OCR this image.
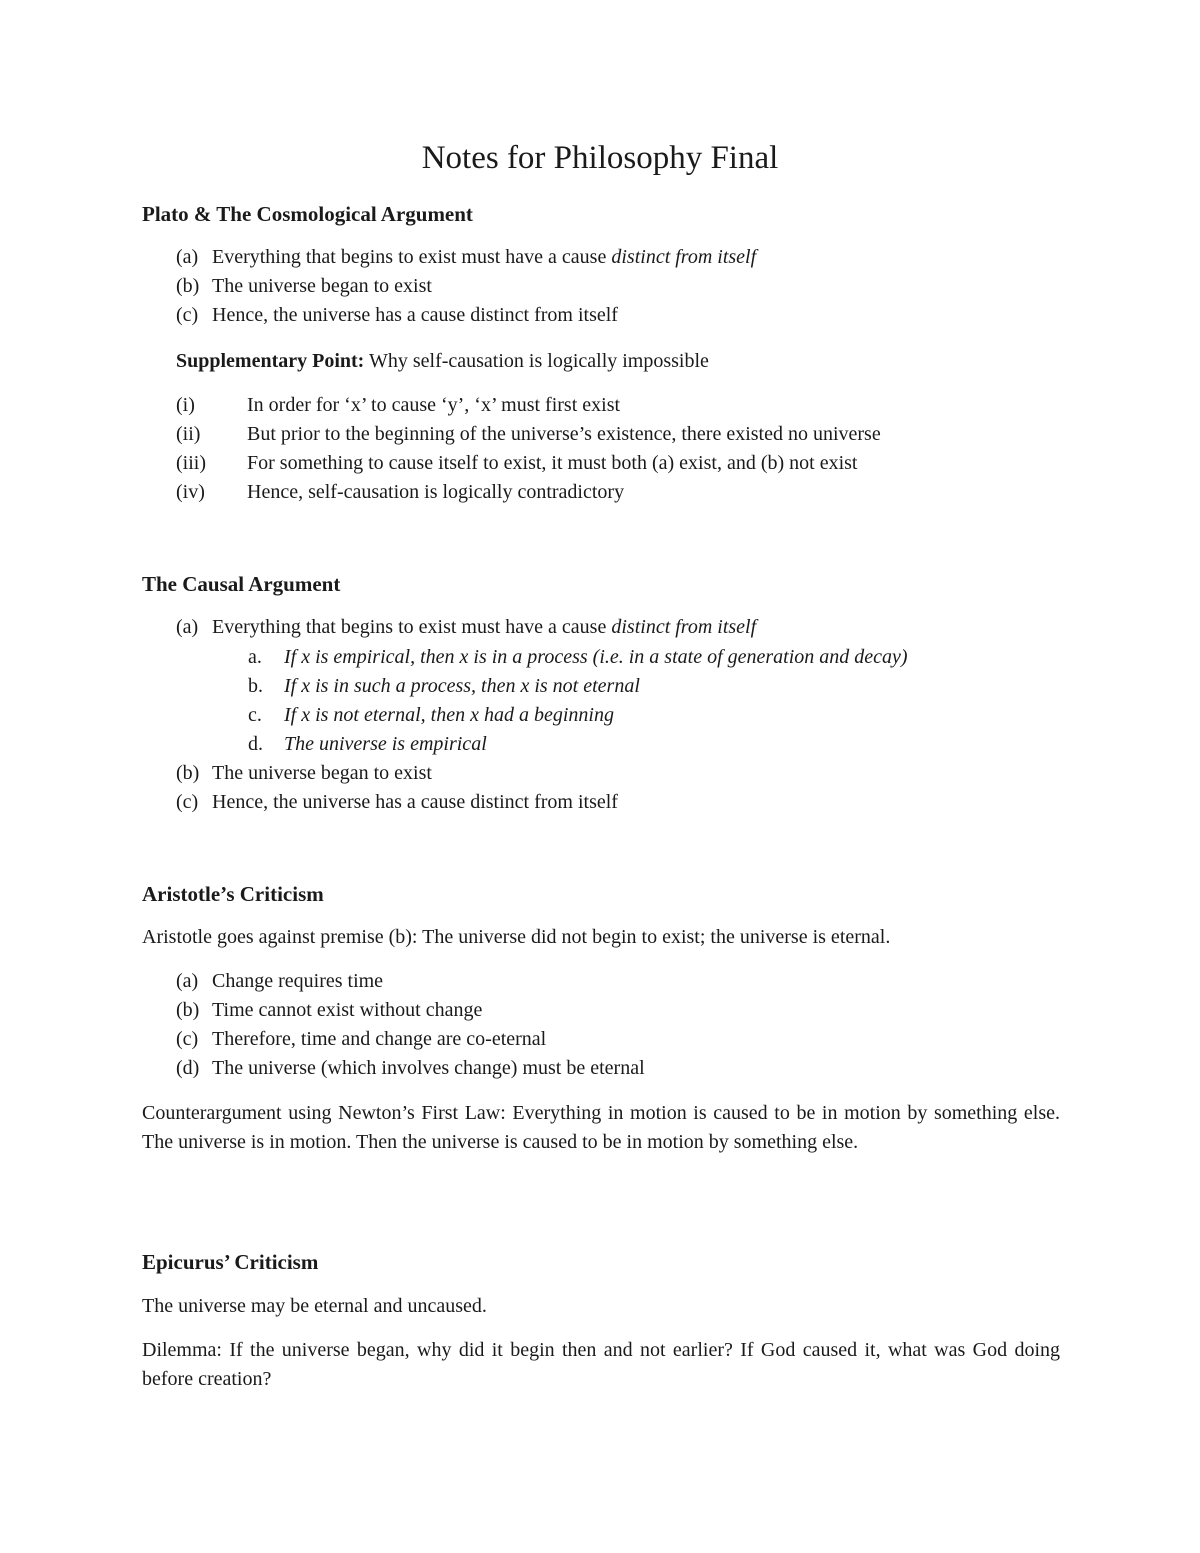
Notes for Philosophy Final
Plato & The Cosmological Argument
(a) Everything that begins to exist must have a cause distinct from itself
(b) The universe began to exist
(c) Hence, the universe has a cause distinct from itself
Supplementary Point: Why self-causation is logically impossible
(i)	In order for ‘x’ to cause ‘y’, ‘x’ must first exist
(ii) But prior to the beginning of the universe’s existence, there existed no universe
(iii) For something to cause itself to exist, it must both (a) exist, and (b) not exist
(iv) Hence, self-causation is logically contradictory
The Causal Argument
(a) Everything that begins to exist must have a cause distinct from itself
a. If x is empirical, then x is in a process (i.e. in a state of generation and decay)
b. If x is in such a process, then x is not eternal
c. If x is not eternal, then x had a beginning
d. The universe is empirical
(b) The universe began to exist
(c) Hence, the universe has a cause distinct from itself
Aristotle’s Criticism
Aristotle goes against premise (b): The universe did not begin to exist; the universe is eternal.
(a) Change requires time
(b) Time cannot exist without change
(c) Therefore, time and change are co-eternal
(d) The universe (which involves change) must be eternal
Counterargument using Newton’s First Law: Everything in motion is caused to be in motion by something else. The universe is in motion. Then the universe is caused to be in motion by something else.
Epicurus’ Criticism
The universe may be eternal and uncaused.
Dilemma: If the universe began, why did it begin then and not earlier? If God caused it, what was God doing before creation?
